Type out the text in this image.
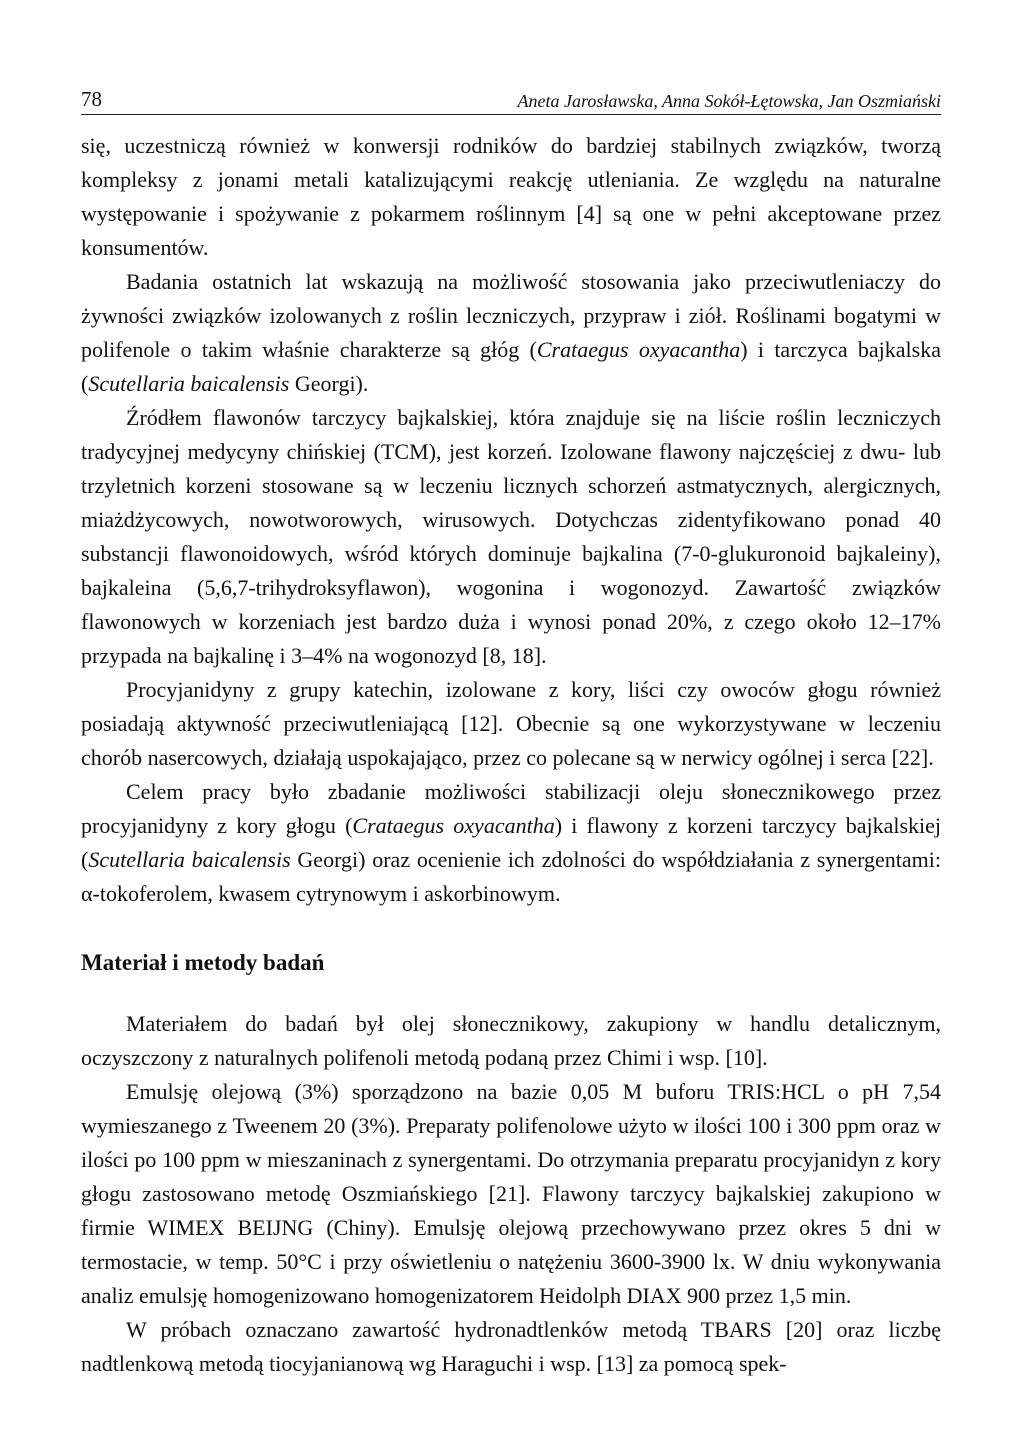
78	Aneta Jarosławska, Anna Sokół-Łętowska, Jan Oszmiański

się, uczestniczą również w konwersji rodników do bardziej stabilnych związków, tworzą kompleksy z jonami metali katalizującymi reakcję utleniania. Ze względu na naturalne występowanie i spożywanie z pokarmem roślinnym [4] są one w pełni akceptowane przez konsumentów.

Badania ostatnich lat wskazują na możliwość stosowania jako przeciwutleniaczy do żywności związków izolowanych z roślin leczniczych, przypraw i ziół. Roślinami bogatymi w polifenole o takim właśnie charakterze są głóg (Crataegus oxyacantha) i tarczyca bajkalska (Scutellaria baicalensis Georgi).

Źródłem flawonów tarczycy bajkalskiej, która znajduje się na liście roślin leczniczych tradycyjnej medycyny chińskiej (TCM), jest korzeń. Izolowane flawony najczęściej z dwu- lub trzyletnich korzeni stosowane są w leczeniu licznych schorzeń astmatycznych, alergicznych, miażdżycowych, nowotworowych, wirusowych. Dotychczas zidentyfikowano ponad 40 substancji flawonoidowych, wśród których dominuje bajkalina (7-0-glukuronoid bajkaleiny), bajkaleina (5,6,7-trihydroksyflawon), wogonina i wogonozyd. Zawartość związków flawonowych w korzeniach jest bardzo duża i wynosi ponad 20%, z czego około 12–17% przypada na bajkalinę i 3–4% na wogonozyd [8, 18].

Procyjanidyny z grupy katechin, izolowane z kory, liści czy owoców głogu również posiadają aktywność przeciwutleniającą [12]. Obecnie są one wykorzystywane w leczeniu chorób nasercowych, działają uspokajająco, przez co polecane są w nerwicy ogólnej i serca [22].

Celem pracy było zbadanie możliwości stabilizacji oleju słonecznikowego przez procyjanidyny z kory głogu (Crataegus oxyacantha) i flawony z korzeni tarczycy bajkalskiej (Scutellaria baicalensis Georgi) oraz ocenienie ich zdolności do współdziałania z synergentami: α-tokoferolem, kwasem cytrynowym i askorbinowym.

Materiał i metody badań

Materiałem do badań był olej słonecznikowy, zakupiony w handlu detalicznym, oczyszczony z naturalnych polifenoli metodą podaną przez Chimi i wsp. [10].

Emulsję olejową (3%) sporządzono na bazie 0,05 M buforu TRIS:HCL o pH 7,54 wymieszanego z Tweenem 20 (3%). Preparaty polifenolowe użyto w ilości 100 i 300 ppm oraz w ilości po 100 ppm w mieszaninach z synergentami. Do otrzymania preparatu procyjanidyn z kory głogu zastosowano metodę Oszmiańskiego [21]. Flawony tarczycy bajkalskiej zakupiono w firmie WIMEX BEIJNG (Chiny). Emulsję olejową przechowywano przez okres 5 dni w termostacie, w temp. 50°C i przy oświetleniu o natężeniu 3600-3900 lx. W dniu wykonywania analiz emulsję homogenizowano homogenizatorem Heidolph DIAX 900 przez 1,5 min.

W próbach oznaczano zawartość hydronadtlenków metodą TBARS [20] oraz liczbę nadtlenkową metodą tiocyjanianową wg Haraguchi i wsp. [13] za pomocą spek-
